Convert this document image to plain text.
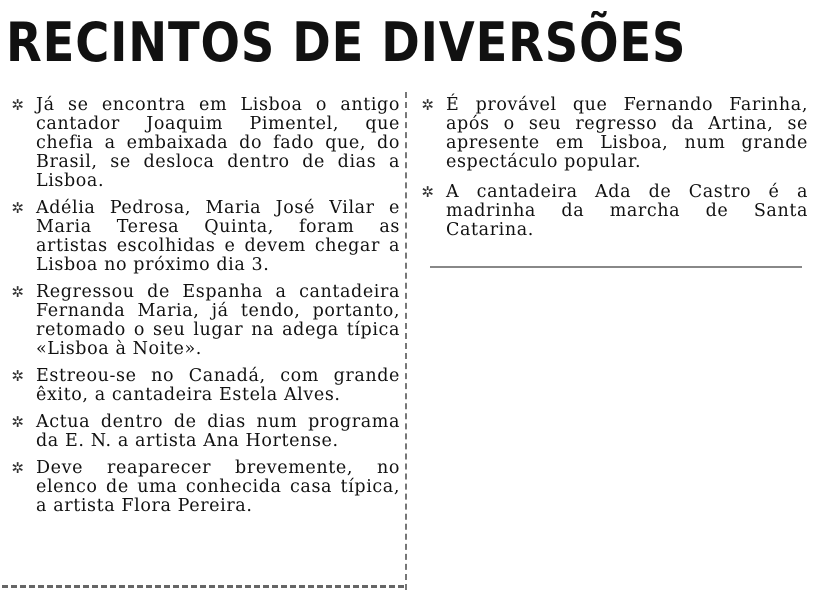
RECINTOS DE DIVERSÕES
✲ Já se encontra em Lisboa o antigo cantador Joaquim Pimentel, que chefia a embaixada do fado que, do Brasil, se desloca dentro de dias a Lisboa.
✲ Adélia Pedrosa, Maria José Vilar e Maria Teresa Quinta, foram as artistas escolhidas e devem chegar a Lisboa no próximo dia 3.
✲ Regressou de Espanha a cantadeira Fernanda Maria, já tendo, portanto, retomado o seu lugar na adega típica «Lisboa à Noite».
✲ Estreou-se no Canadá, com grande êxito, a cantadeira Estela Alves.
✲ Actua dentro de dias num programa da E. N. a artista Ana Hortense.
✲ Deve reaparecer brevemente, no elenco de uma conhecida casa típica, a artista Flora Pereira.
✲ É provável que Fernando Farinha, após o seu regresso da Artina, se apresente em Lisboa, num grande espectáculo popular.
✲ A cantadeira Ada de Castro é a madrinha da marcha de Santa Catarina.
